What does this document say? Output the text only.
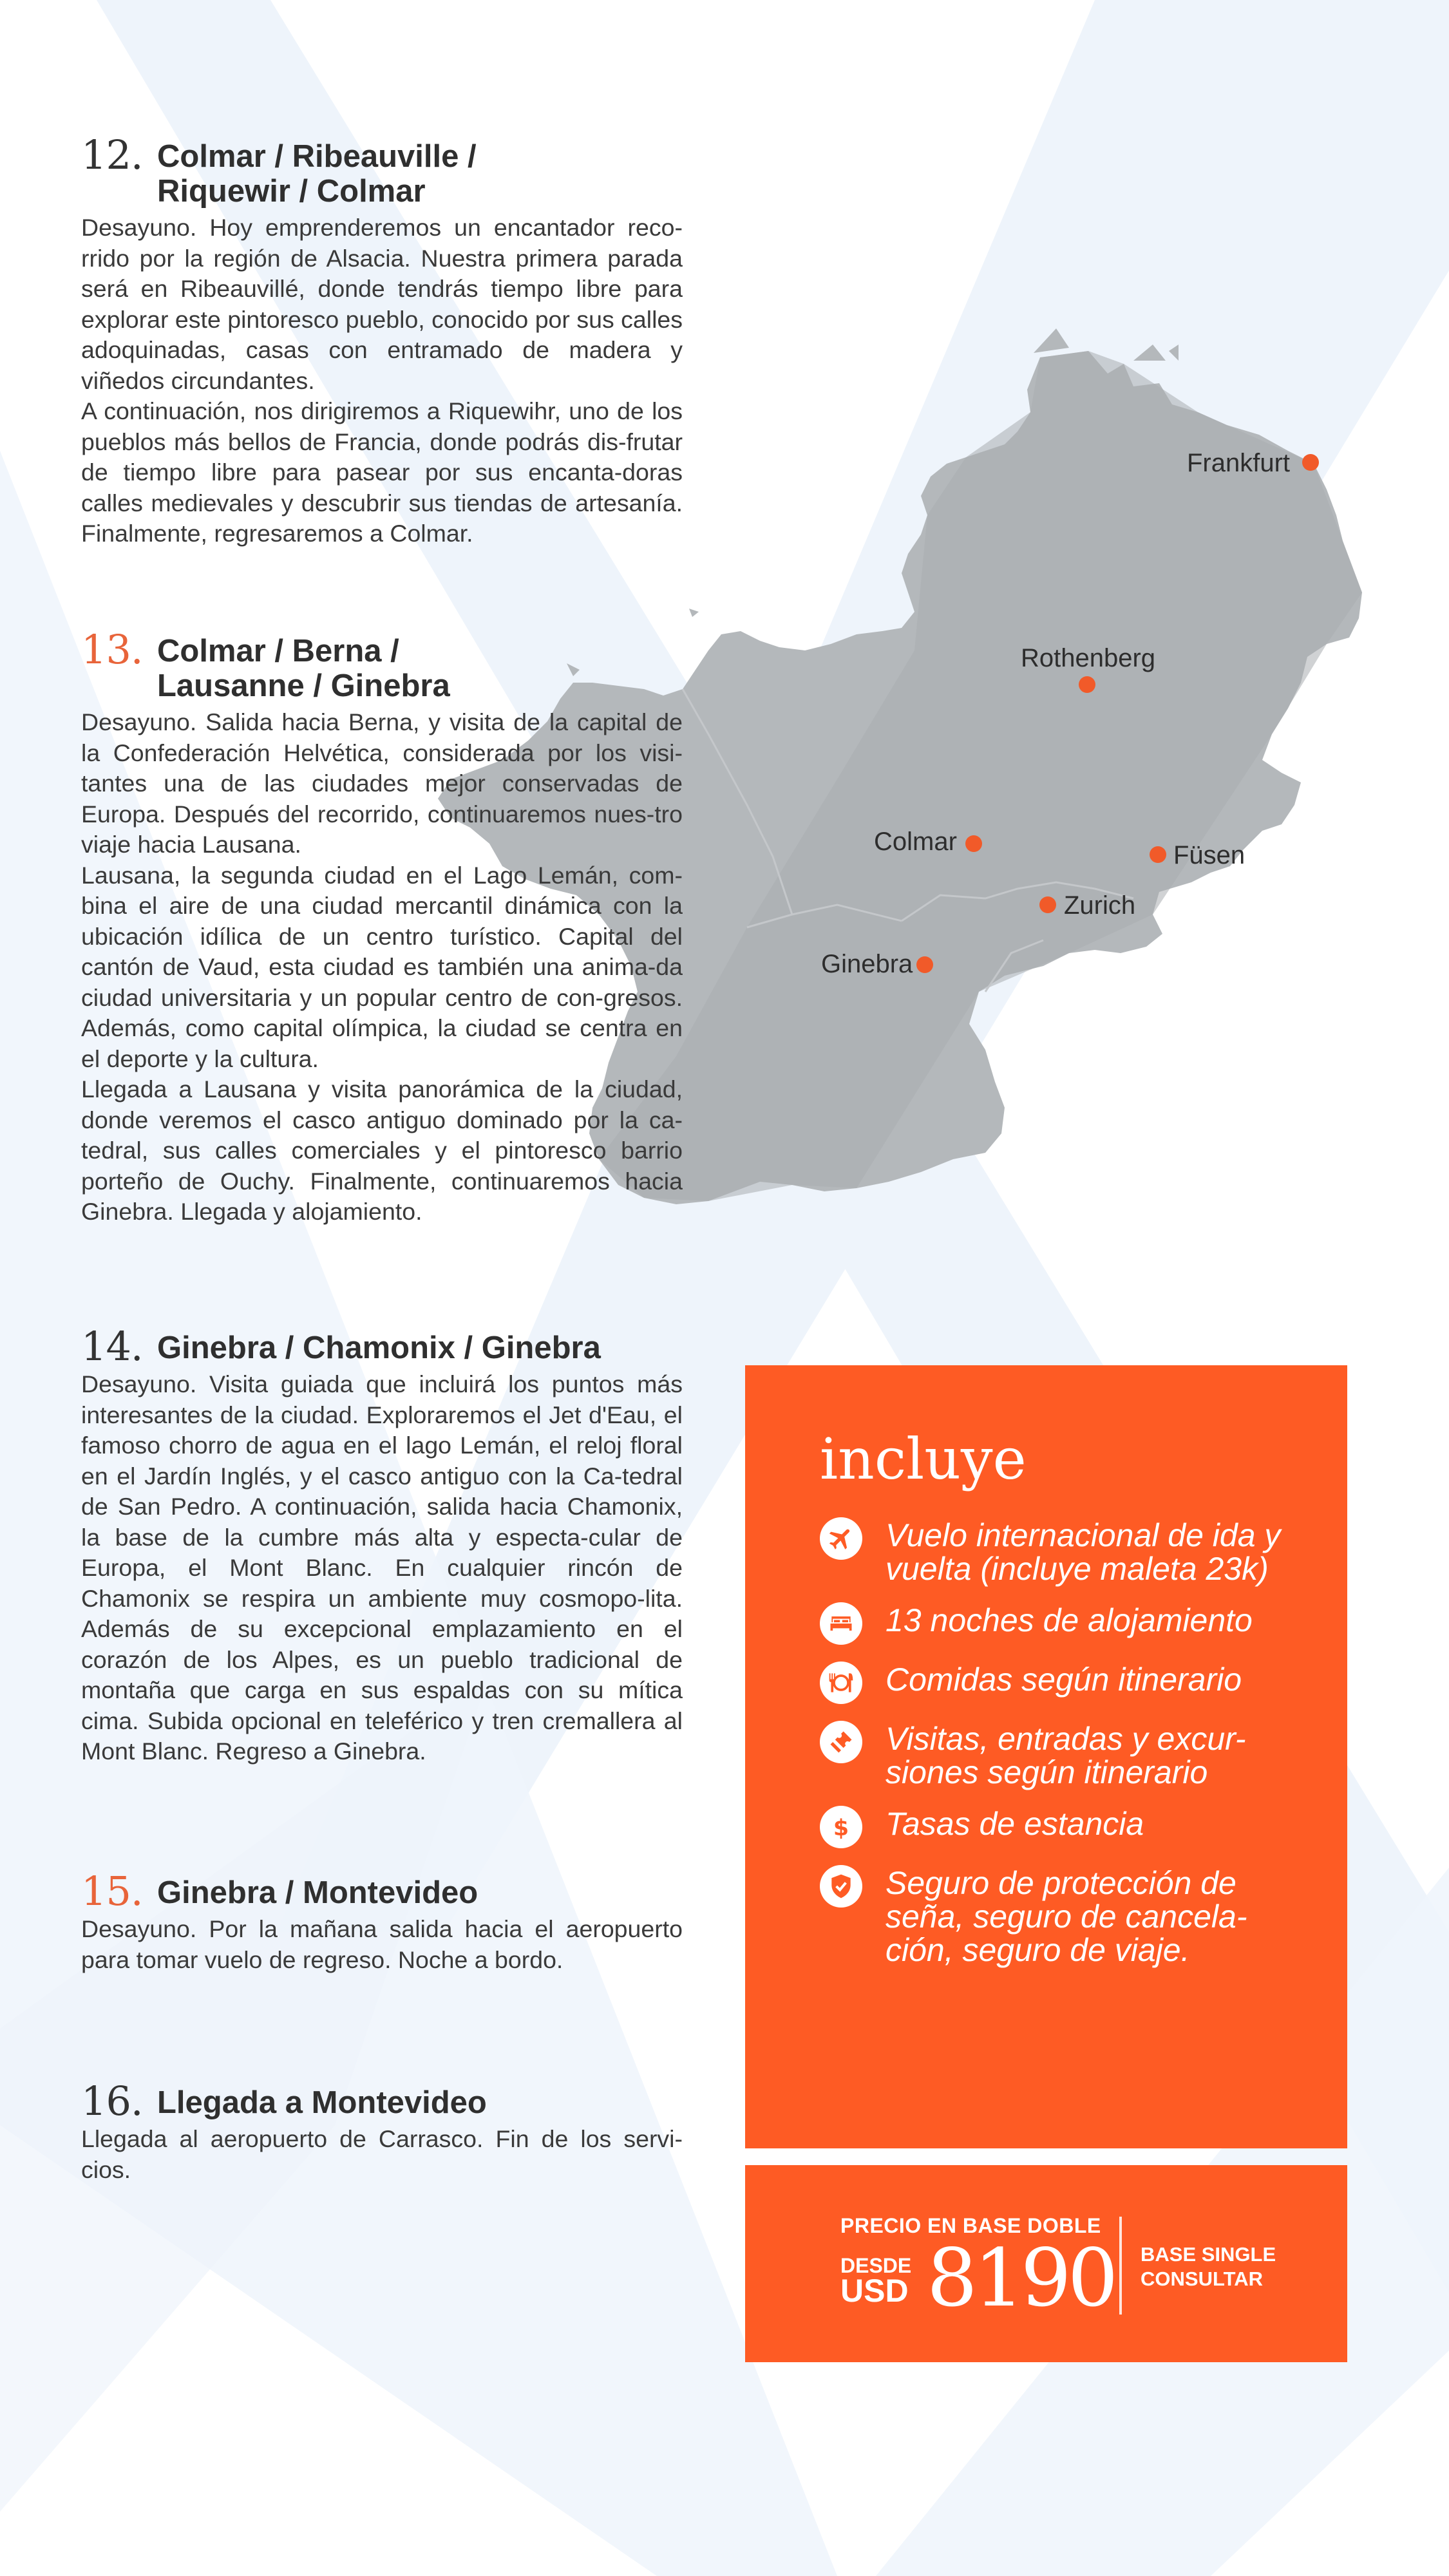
Frankfurt
Rothenberg
Colmar	Füsen
Zurich
Ginebra
12. Colmar / Ribeauville /
Riquewir / Colmar

Desayuno. Hoy emprenderemos un encantador reco-rrido por la región de Alsacia. Nuestra primera parada será en Ribeauvillé, donde tendrás tiempo libre para explorar este pintoresco pueblo, conocido por sus calles adoquinadas, casas con entramado de madera y viñedos circundantes.

A continuación, nos dirigiremos a Riquewihr, uno de los pueblos más bellos de Francia, donde podrás dis-frutar de tiempo libre para pasear por sus encanta-doras calles medievales y descubrir sus tiendas de artesanía. Finalmente, regresaremos a Colmar.

13. Colmar / Berna /
Lausanne / Ginebra

Desayuno. Salida hacia Berna, y visita de la capital de la Confederación Helvética, considerada por los visi-tantes una de las ciudades mejor conservadas de Europa. Después del recorrido, continuaremos nues-tro viaje hacia Lausana.

Lausana, la segunda ciudad en el Lago Lemán, com-bina el aire de una ciudad mercantil dinámica con la ubicación idílica de un centro turístico. Capital del cantón de Vaud, esta ciudad es también una anima-da ciudad universitaria y un popular centro de con-gresos. Además, como capital olímpica, la ciudad se centra en el deporte y la cultura.

Llegada a Lausana y visita panorámica de la ciudad, donde veremos el casco antiguo dominado por la ca-tedral, sus calles comerciales y el pintoresco barrio porteño de Ouchy. Finalmente, continuaremos hacia Ginebra. Llegada y alojamiento.

14. Ginebra / Chamonix / Ginebra

Desayuno. Visita guiada que incluirá los puntos más interesantes de la ciudad. Exploraremos el Jet d'Eau, el famoso chorro de agua en el lago Lemán, el reloj floral en el Jardín Inglés, y el casco antiguo con la Ca-tedral de San Pedro. A continuación, salida hacia Chamonix, la base de la cumbre más alta y especta-cular de Europa, el Mont Blanc. En cualquier rincón de Chamonix se respira un ambiente muy cosmopo-lita. Además de su excepcional emplazamiento en el corazón de los Alpes, es un pueblo tradicional de montaña que carga en sus espaldas con su mítica cima. Subida opcional en teleférico y tren cremallera al Mont Blanc. Regreso a Ginebra.

15. Ginebra / Montevideo

Desayuno. Por la mañana salida hacia el aeropuerto para tomar vuelo de regreso. Noche a bordo.

16. Llegada a Montevideo

Llegada al aeropuerto de Carrasco. Fin de los servi-cios.

incluye
Vuelo internacional de ida y vuelta (incluye maleta 23k)
13 noches de alojamiento
Comidas según itinerario
Visitas, entradas y excur-siones según itinerario
$ Tasas de estancia
Seguro de protección de seña, seguro de cancela-ción, seguro de viaje.
PRECIO EN BASE DOBLE
DESDE
USD 8190 BASE SINGLE
CONSULTAR
